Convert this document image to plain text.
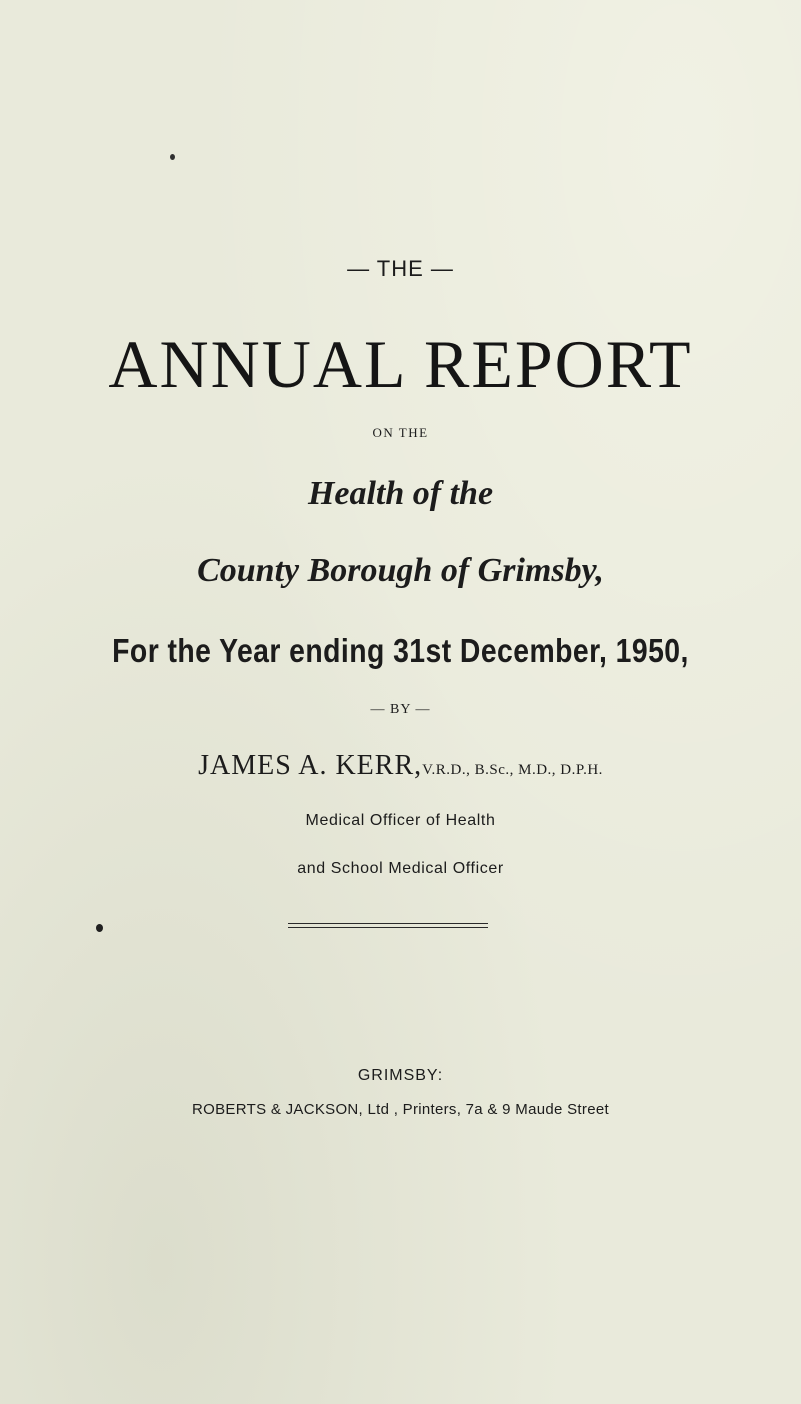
— THE —
ANNUAL REPORT
ON THE
Health of the
County Borough of Grimsby,
For the Year ending 31st December, 1950,
— BY —
JAMES A. KERR,V.R.D., B.Sc., M.D., D.P.H.
Medical Officer of Health
and School Medical Officer
GRIMSBY:
ROBERTS & JACKSON, Ltd , Printers, 7a & 9 Maude Street
